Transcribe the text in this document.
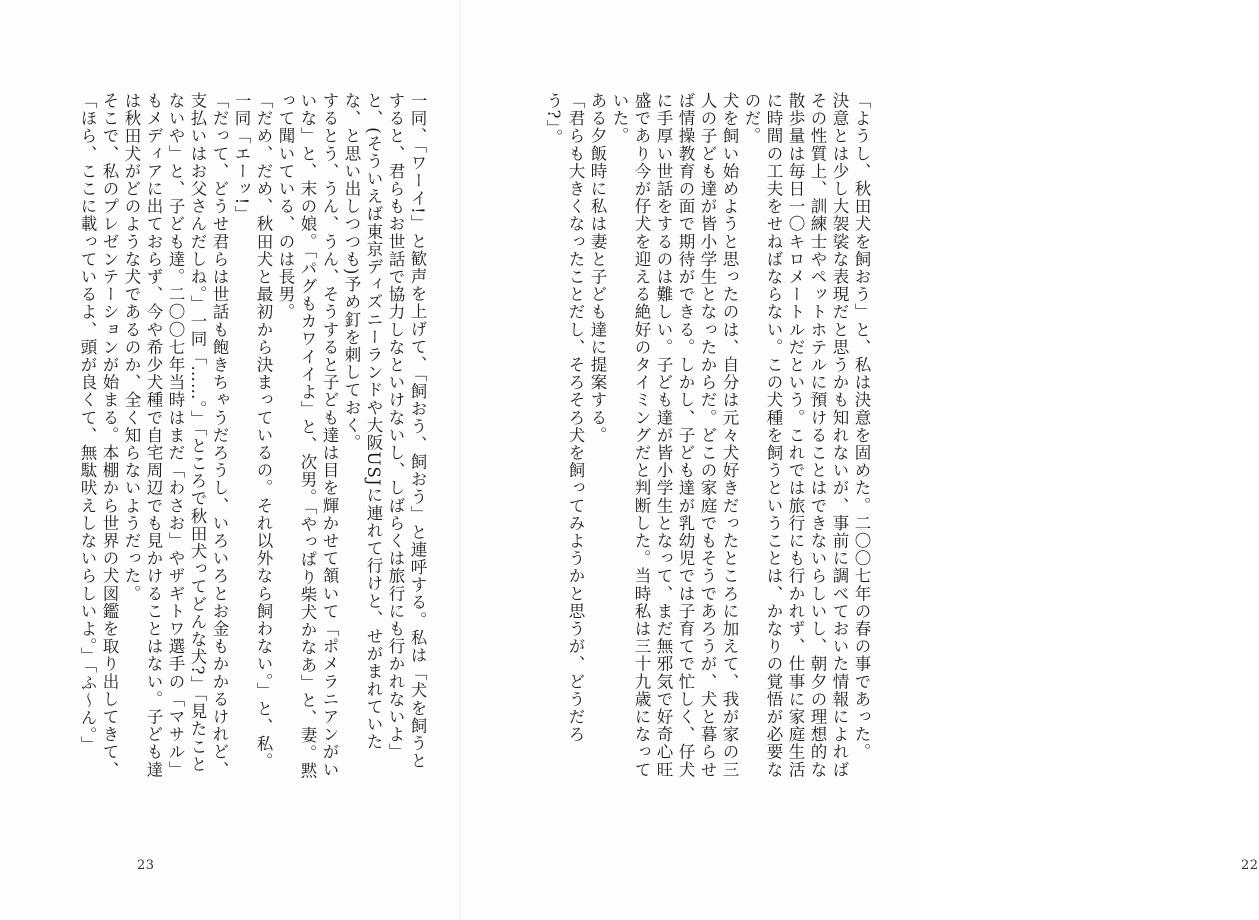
一同、「ワーイ!」と歓声を上げて、「飼おう、飼おう」と連呼する。私は「犬を飼うとすると、君らもお世話で協力しなといけないし、しばらくは旅行にも行かれないよ」と、(そういえば東京ディズニーランドや大阪USJに連れて行けと、せがまれていたな、と思い出しつつも)予め釘を刺しておく。
するとう、うん、うん、そうすると子ども達は目を輝かせて頷いて「ポメラニアンがいいな」と、末の娘。「パグもカワイイよ」と、次男。「やっぱり柴犬かなあ」と、妻。黙って聞いている、のは長男。
「だめ、だめ、秋田犬と最初から決まっているの。それ以外なら飼わない。」と、私。一同「エーッ!」
「だって、どうせ君らは世話も飽きちゃうだろうし、いろいろとお金もかかるけれど、支払いはお父さんだしね。」一同「……。」「ところで秋田犬ってどんな犬?」「見たことないや」と、子ども達。二〇〇七年当時はまだ「わさお」やザギトワ選手の「マサル」もメディアに出ておらず、今や希少犬種で自宅周辺でも見かけることはない。子ども達は秋田犬がどのような犬であるのか、全く知らないようだった。
そこで、私のプレゼンテーションが始まる。本棚から世界の犬図鑑を取り出してきて、「ほら、ここに載っているよ、頭が良くて、無駄吠えしないらしいよ。」「ふ〜ん。」
23
「ようし、秋田犬を飼おう」と、私は決意を固めた。二〇〇七年の春の事であった。
決意とは少し大袈裟な表現だと思うかも知れないが、事前に調べておいた情報によればその性質上、訓練士やペットホテルに預けることはできないらしいし、朝夕の理想的な散歩量は毎日一〇キロメートルだという。これでは旅行にも行かれず、仕事に家庭生活に時間の工夫をせねばならない。この犬種を飼うということは、かなりの覚悟が必要なのだ。
犬を飼い始めようと思ったのは、自分は元々犬好きだったところに加えて、我が家の三人の子ども達が皆小学生となったからだ。どこの家庭でもそうであろうが、犬と暮らせば情操教育の面で期待ができる。しかし、子ども達が乳幼児では子育てで忙しく、仔犬に手厚い世話をするのは難しい。子ども達が皆小学生となって、まだ無邪気で好奇心旺盛であり今が仔犬を迎える絶好のタイミングだと判断した。当時私は三十九歳になっていた。
ある夕飯時に私は妻と子ども達に提案する。
「君らも大きくなったことだし、そろそろ犬を飼ってみようかと思うが、どうだろう?」。
22
